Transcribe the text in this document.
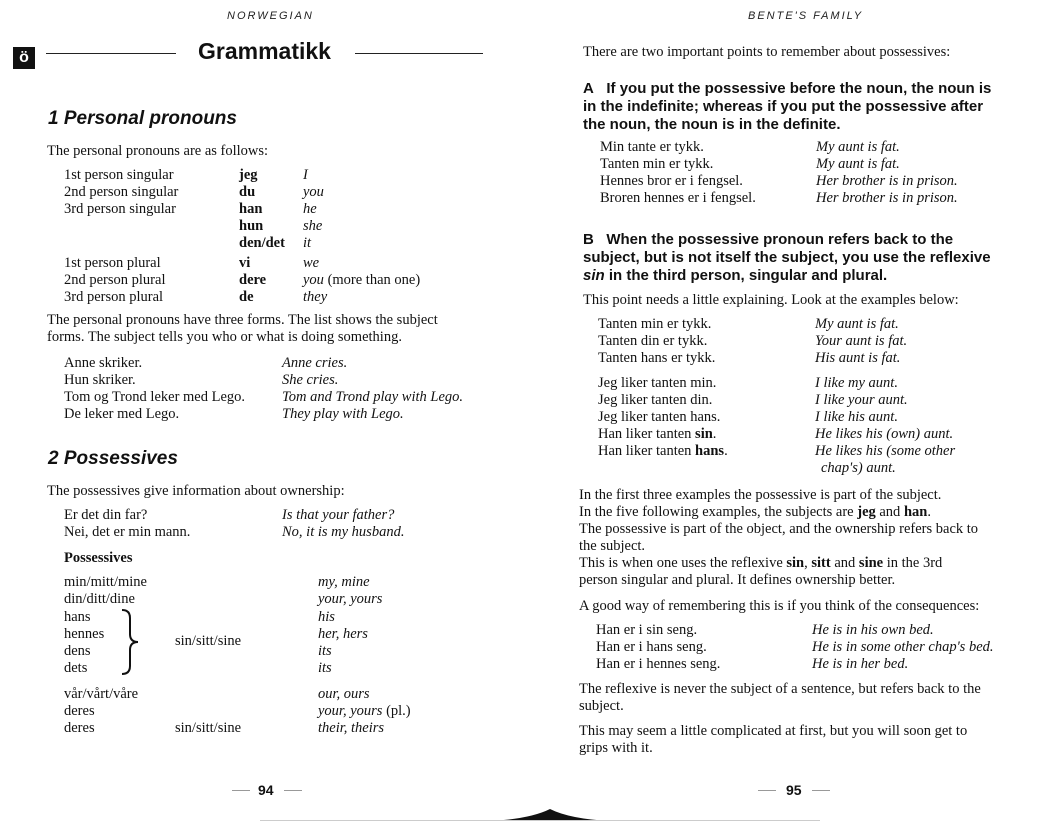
NORWEGIAN	BENTE'S FAMILY
ö	Grammatikk
1 Personal pronouns
The personal pronouns are as follows:
1st person singular
2nd person singular
3rd person singular

1st person plural
2nd person plural
3rd person plural
jeg
du
han
hun
den/det
vi
dere
de
I
you
he
she
it
we
you (more than one)
they
The personal pronouns have three forms. The list shows the subject
forms. The subject tells you who or what is doing something.
Anne skriker.
Hun skriker.
Tom og Trond leker med Lego.
De leker med Lego.
Anne cries.
She cries.
Tom and Trond play with Lego.
They play with Lego.
2 Possessives
The possessives give information about ownership:
Er det din far?
Nei, det er min mann.
Is that your father?
No, it is my husband.
Possessives
min/mitt/mine
din/ditt/dine
hans
hennes
dens
dets
vår/vårt/våre
deres
deres
my, mine
your, yours
his
her, hers
its
its
our, ours
your, yours (pl.)
their, theirs
sin/sitt/sine
sin/sitt/sine
94
There are two important points to remember about possessives:
A If you put the possessive before the noun, the noun is
in the indefinite; whereas if you put the possessive after
the noun, the noun is in the definite.
Min tante er tykk.
Tanten min er tykk.
Hennes bror er i fengsel.
Broren hennes er i fengsel.
My aunt is fat.
My aunt is fat.
Her brother is in prison.
Her brother is in prison.
B When the possessive pronoun refers back to the
subject, but is not itself the subject, you use the reflexive
sin in the third person, singular and plural.
This point needs a little explaining. Look at the examples below:
Tanten min er tykk.
Tanten din er tykk.
Tanten hans er tykk.
My aunt is fat.
Your aunt is fat.
His aunt is fat.
Jeg liker tanten min.
Jeg liker tanten din.
Jeg liker tanten hans.
Han liker tanten sin.
Han liker tanten hans.
I like my aunt.
I like your aunt.
I like his aunt.
He likes his (own) aunt.
He likes his (some other
chap's) aunt.
In the first three examples the possessive is part of the subject.
In the five following examples, the subjects are jeg and han.
The possessive is part of the object, and the ownership refers back to
the subject.
This is when one uses the reflexive sin, sitt and sine in the 3rd
person singular and plural. It defines ownership better.
A good way of remembering this is if you think of the consequences:
Han er i sin seng.
Han er i hans seng.
Han er i hennes seng.
He is in his own bed.
He is in some other chap's bed.
He is in her bed.
The reflexive is never the subject of a sentence, but refers back to the
subject.
This may seem a little complicated at first, but you will soon get to
grips with it.
95
